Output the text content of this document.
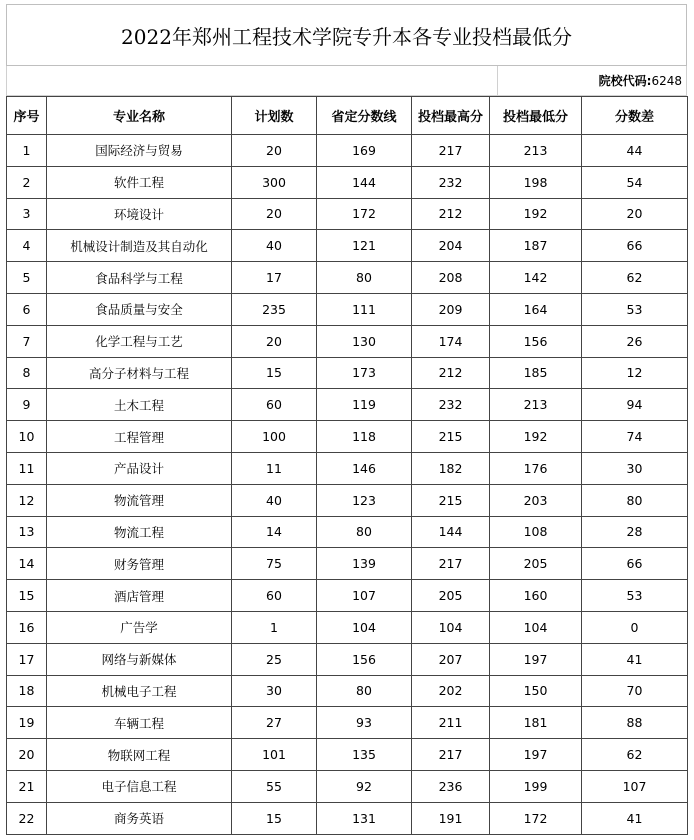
2022年郑州工程技术学院专升本各专业投档最低分
院校代码: 6248
序号	专业名称	计划数	省定分数线	投档最高分	投档最低分	分数差
1	国际经济与贸易	20	169	217	213	44
2	软件工程	300	144	232	198	54
3	环境设计	20	172	212	192	20
4	机械设计制造及其自动化	40	121	204	187	66
5	食品科学与工程	17	80	208	142	62
6	食品质量与安全	235	111	209	164	53
7	化学工程与工艺	20	130	174	156	26
8	高分子材料与工程	15	173	212	185	12
9	土木工程	60	119	232	213	94
10	工程管理	100	118	215	192	74
11	产品设计	11	146	182	176	30
12	物流管理	40	123	215	203	80
13	物流工程	14	80	144	108	28
14	财务管理	75	139	217	205	66
15	酒店管理	60	107	205	160	53
16	广告学	1	104	104	104	0
17	网络与新媒体	25	156	207	197	41
18	机械电子工程	30	80	202	150	70
19	车辆工程	27	93	211	181	88
20	物联网工程	101	135	217	197	62
21	电子信息工程	55	92	236	199	107
22	商务英语	15	131	191	172	41
